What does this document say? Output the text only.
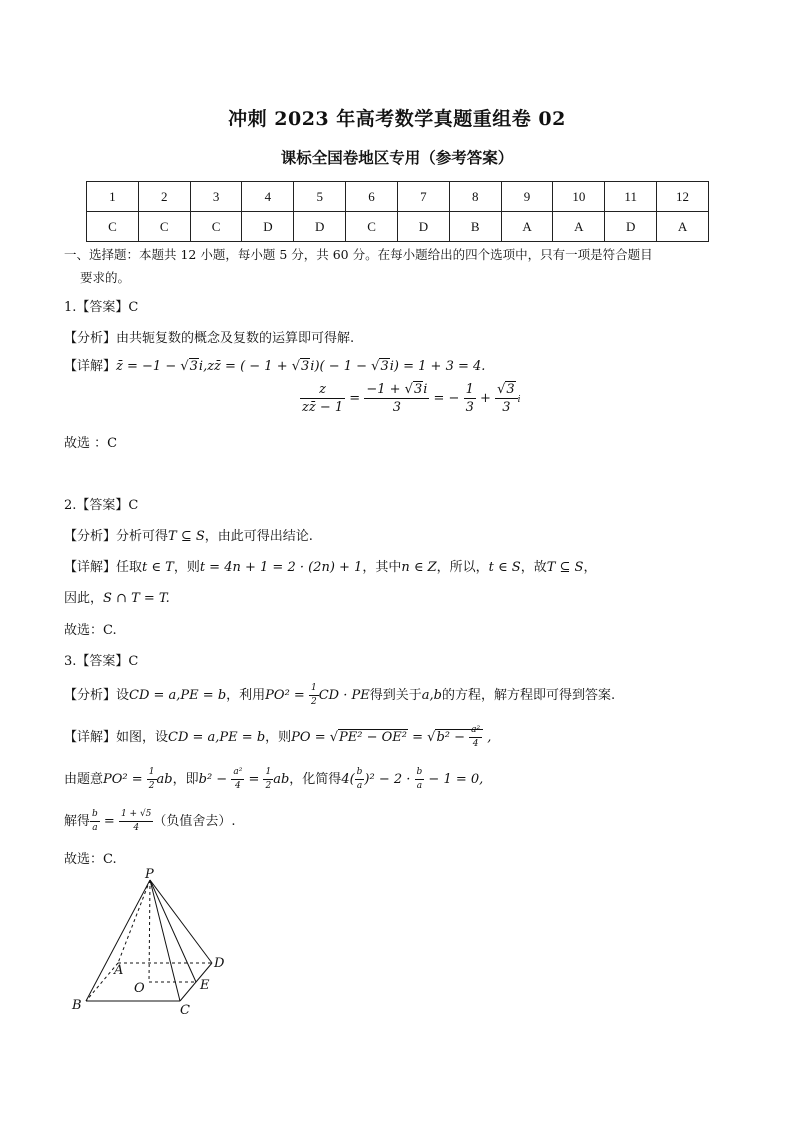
冲刺 2023 年高考数学真题重组卷 02
课标全国卷地区专用（参考答案）
1	2	3	4	5	6	7	8	9	10	11	12
C	C	C	D	D	C	D	B	A	A	D	A
一、选择题：本题共 12 小题，每小题 5 分，共 60 分。在每小题给出的四个选项中，只有一项是符合题目
要求的。
1.【答案】C
【分析】由共轭复数的概念及复数的运算即可得解.
【详解】z̄ = −1 − √3i,zz̄ = ( − 1 + √3i)( − 1 − √3i) = 1 + 3 = 4.
$\frac{z}{zz̄ - 1} = \frac{-1 + √3i}{3}$ = − $\frac{1}{3} + \frac{√3}{3}$ i
故选 ：C
2.【答案】C
【分析】分析可得T ⊆ S，由此可得出结论.
【详解】任取t ∈ T，则t = 4n + 1 = 2 · (2n) + 1，其中n ∈ Z，所以，t ∈ S，故T ⊆ S，
因此，S ∩ T = T.
故选：C.
3.【答案】C
【分析】设CD = a,PE = b，利用$PO^2 = \frac{1}{2}$ CD · PE得到关于a,b的方程，解方程即可得到答案.
【详解】如图，设CD = a,PE = b，则PO = $√PE^2 - OE^2 = √b^2 - \frac{\text{a²}}{4}$ ,
由题意$PO^2 = \frac{1}{2}$ ab，即$b^2 - \frac{\text{a²}}{4} = \frac{1}{2}$ ab，化简得$4( \frac{b}{a} )^2 - 2 \cdot \frac{b}{a} - 1 = 0$,
解得 $\frac{b}{a} = \frac{1 + √5}{4}$ （负值舍去）.
故选：C.
P
A
B	C
D
E
O
